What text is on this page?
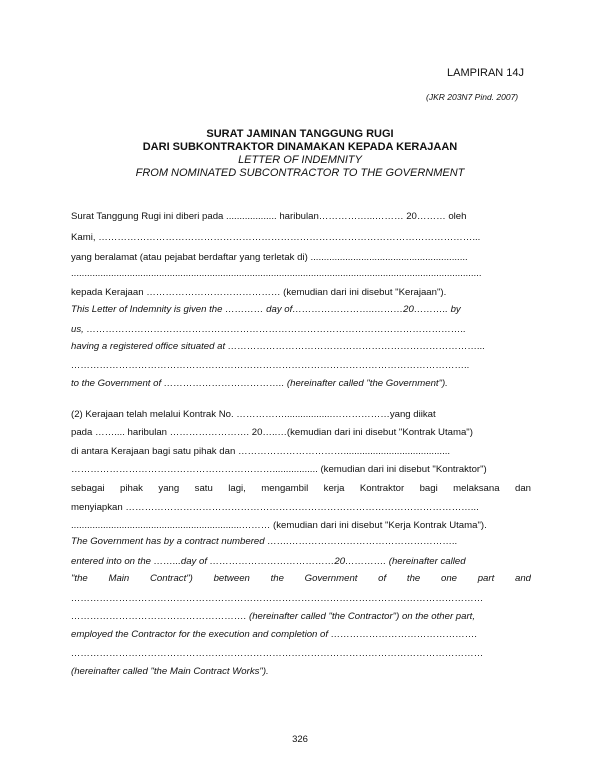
LAMPIRAN 14J
(JKR 203N7 Pind. 2007)
SURAT JAMINAN TANGGUNG RUGI
DARI SUBKONTRAKTOR DINAMAKAN KEPADA KERAJAAN
LETTER OF INDEMNITY
FROM NOMINATED SUBCONTRACTOR TO THE GOVERNMENT
Surat Tanggung Rugi ini diberi pada ................... haribulan……………...……… 20……… oleh
Kami, ………………………………………………………………………………………………………...
yang beralamat (atau pejabat berdaftar yang terletak di) ...........................................................
..........................................................................................................................................................
kepada Kerajaan …………………………………… (kemudian dari ini disebut "Kerajaan").
This Letter of Indemnity is given the ………… day of……………………..………20……….. by
us, ………………………………………………………………………………………………………..
having a registered office situated at ……………………………………………………………………...
……………………………………………………………………………………………………………..
to the Government of ……………………………….. (hereinafter called "the Government").
(2) Kerajaan telah melalui Kontrak No. ……………..................………………yang diikat
pada …….... haribulan ……………………. 20…..…(kemudian dari ini disebut "Kontrak Utama")
di antara Kerajaan bagi satu pihak dan ……………………………........................................
………………………………………………………................. (kemudian dari ini disebut "Kontraktor")
sebagai pihak yang satu lagi, mengambil kerja Kontraktor bagi melaksana dan
menyiapkan ………………………………………………………………………………………………...
................................................................……… (kemudian dari ini disebut "Kerja Kontrak Utama").
The Government has by a contract numbered …….……………………………………………..
entered into on the ……...day of …………………………………20…………. (hereinafter called
"the Main Contract") between the Government of the one part and
…………………………………………………………………………………………………………………
………………………………………………. (hereinafter called "the Contractor") on the other part,
employed the Contractor for the execution and completion of ……………………………………….
…………………………………………………………………………………………………………………
(hereinafter called "the Main Contract Works").
326
